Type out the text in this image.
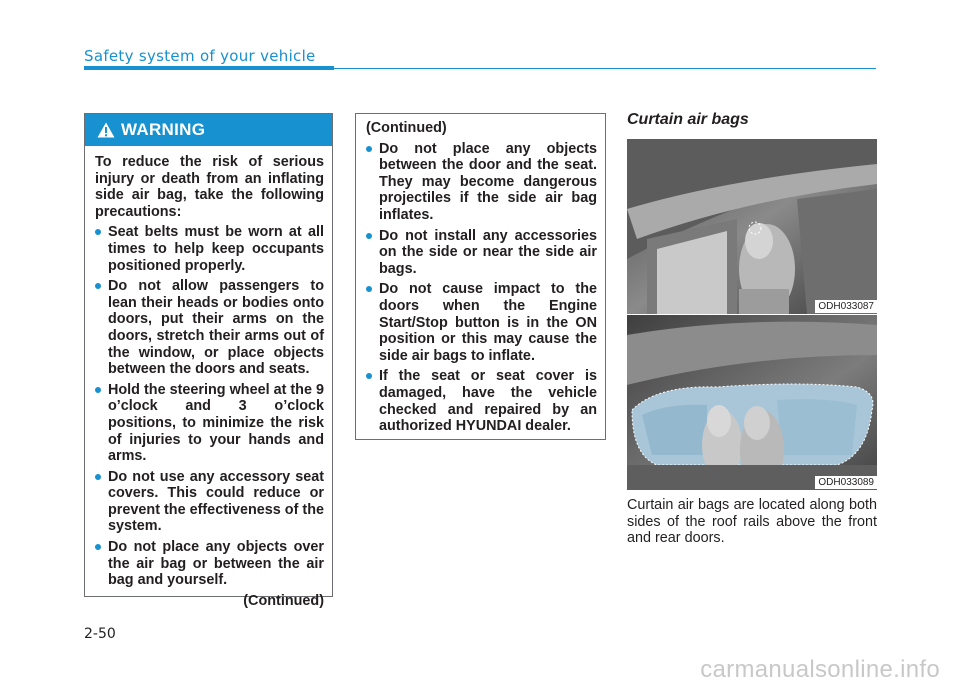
Safety system of your vehicle
WARNING

To reduce the risk of serious injury or death from an inflating side air bag, take the following precautions:

Seat belts must be worn at all times to help keep occupants positioned properly.
Do not allow passengers to lean their heads or bodies onto doors, put their arms on the doors, stretch their arms out of the window, or place objects between the doors and seats.
Hold the steering wheel at the 9 o’clock and 3 o’clock positions, to minimize the risk of injuries to your hands and arms.
Do not use any accessory seat covers. This could reduce or prevent the effectiveness of the system.
Do not place any objects over the air bag or between the air bag and yourself.

(Continued)

(Continued)

Do not place any objects between the door and the seat. They may become dangerous projectiles if the side air bag inflates.
Do not install any accessories on the side or near the side air bags.
Do not cause impact to the doors when the Engine Start/Stop button is in the ON position or this may cause the side air bags to inflate.
If the seat or seat cover is damaged, have the vehicle checked and repaired by an authorized HYUNDAI dealer.
Curtain air bags
ODH033087
ODH033089

Curtain air bags are located along both sides of the roof rails above the front and rear doors.

2-50
carmanualsonline.info
